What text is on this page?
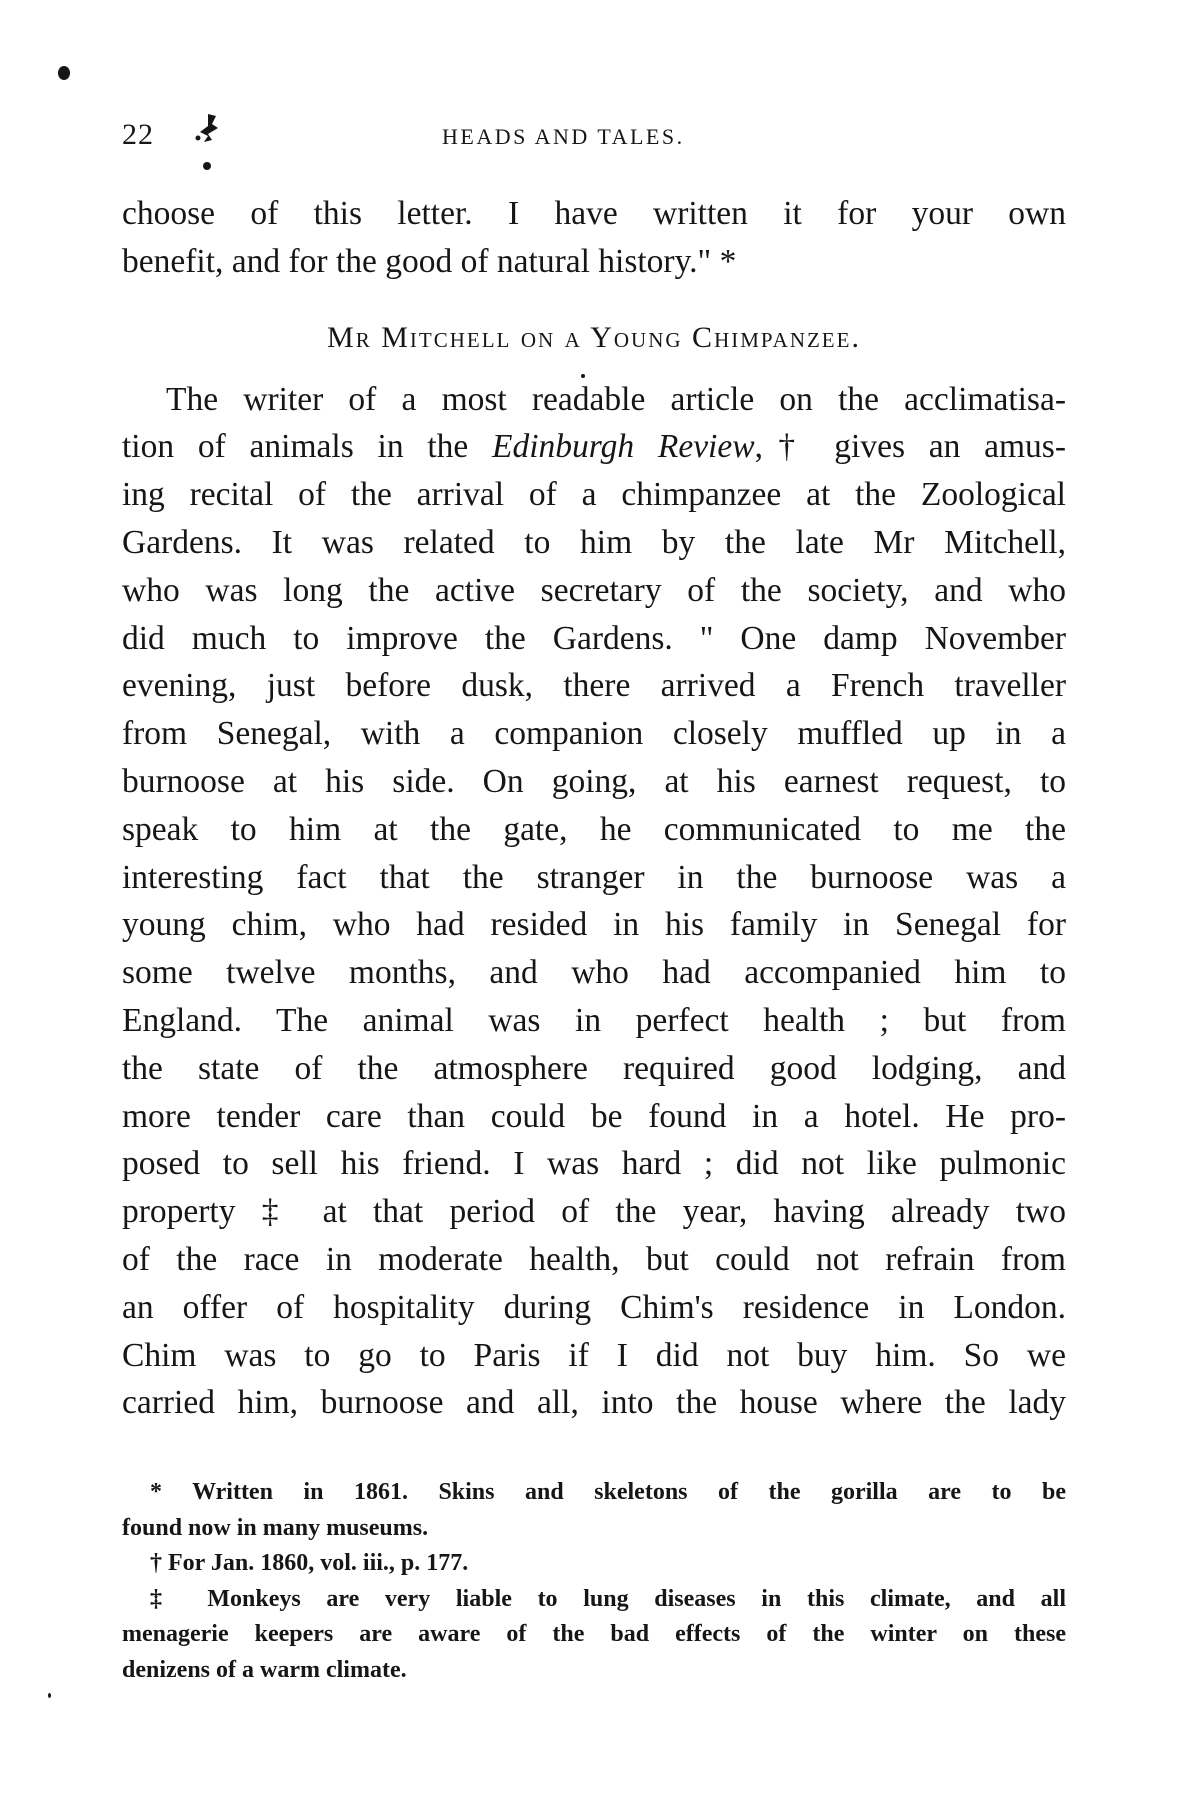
22	HEADS AND TALES.
choose of this letter. I have written it for your own
benefit, and for the good of natural history." *
Mr Mitchell on a Young Chimpanzee.
The writer of a most readable article on the acclimatisa-
tion of animals in the Edinburgh Review,† gives an amus-
ing recital of the arrival of a chimpanzee at the Zoological
Gardens. It was related to him by the late Mr Mitchell,
who was long the active secretary of the society, and who
did much to improve the Gardens. " One damp November
evening, just before dusk, there arrived a French traveller
from Senegal, with a companion closely muffled up in a
burnoose at his side. On going, at his earnest request, to
speak to him at the gate, he communicated to me the
interesting fact that the stranger in the burnoose was a
young chim, who had resided in his family in Senegal for
some twelve months, and who had accompanied him to
England. The animal was in perfect health ; but from
the state of the atmosphere required good lodging, and
more tender care than could be found in a hotel. He pro-
posed to sell his friend. I was hard ; did not like pulmonic
property ‡ at that period of the year, having already two
of the race in moderate health, but could not refrain from
an offer of hospitality during Chim's residence in London.
Chim was to go to Paris if I did not buy him. So we
carried him, burnoose and all, into the house where the lady
* Written in 1861. Skins and skeletons of the gorilla are to be
found now in many museums.
† For Jan. 1860, vol. iii., p. 177.
‡ Monkeys are very liable to lung diseases in this climate, and all
menagerie keepers are aware of the bad effects of the winter on these
denizens of a warm climate.
